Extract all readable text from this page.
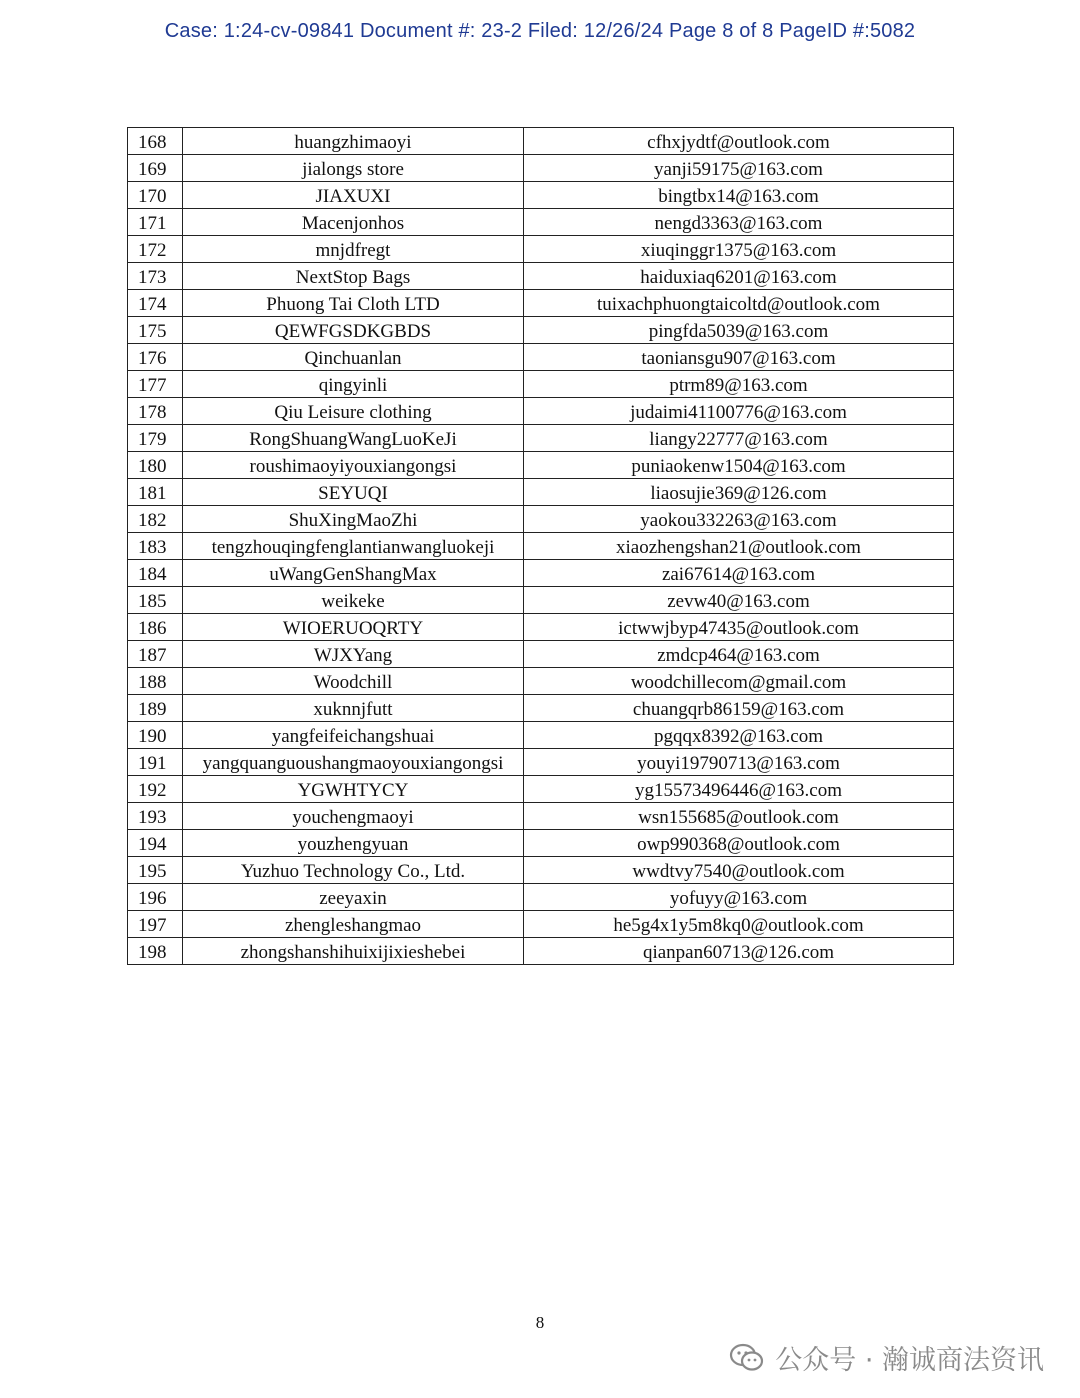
Case: 1:24-cv-09841 Document #: 23-2 Filed: 12/26/24 Page 8 of 8 PageID #:5082
168	huangzhimaoyi	cfhxjydtf@outlook.com
169	jialongs store	yanji59175@163.com
170	JIAXUXI	bingtbx14@163.com
171	Macenjonhos	nengd3363@163.com
172	mnjdfregt	xiuqinggr1375@163.com
173	NextStop Bags	haiduxiaq6201@163.com
174	Phuong Tai Cloth LTD	tuixachphuongtaicoltd@outlook.com
175	QEWFGSDKGBDS	pingfda5039@163.com
176	Qinchuanlan	taoniansgu907@163.com
177	qingyinli	ptrm89@163.com
178	Qiu Leisure clothing	judaimi41100776@163.com
179	RongShuangWangLuoKeJi	liangy22777@163.com
180	roushimaoyiyouxiangongsi	puniaokenw1504@163.com
181	SEYUQI	liaosujie369@126.com
182	ShuXingMaoZhi	yaokou332263@163.com
183	tengzhouqingfenglantianwangluokeji	xiaozhengshan21@outlook.com
184	uWangGenShangMax	zai67614@163.com
185	weikeke	zevw40@163.com
186	WIOERUOQRTY	ictwwjbyp47435@outlook.com
187	WJXYang	zmdcp464@163.com
188	Woodchill	woodchillecom@gmail.com
189	xuknnjfutt	chuangqrb86159@163.com
190	yangfeifeichangshuai	pgqqx8392@163.com
191	yangquanguoushangmaoyouxiangongsi	youyi19790713@163.com
192	YGWHTYCY	yg15573496446@163.com
193	youchengmaoyi	wsn155685@outlook.com
194	youzhengyuan	owp990368@outlook.com
195	Yuzhuo Technology Co., Ltd.	wwdtvy7540@outlook.com
196	zeeyaxin	yofuyy@163.com
197	zhengleshangmao	he5g4x1y5m8kq0@outlook.com
198	zhongshanshihuixijixieshebei	qianpan60713@126.com
8
公众号 · 瀚诚商法资讯
